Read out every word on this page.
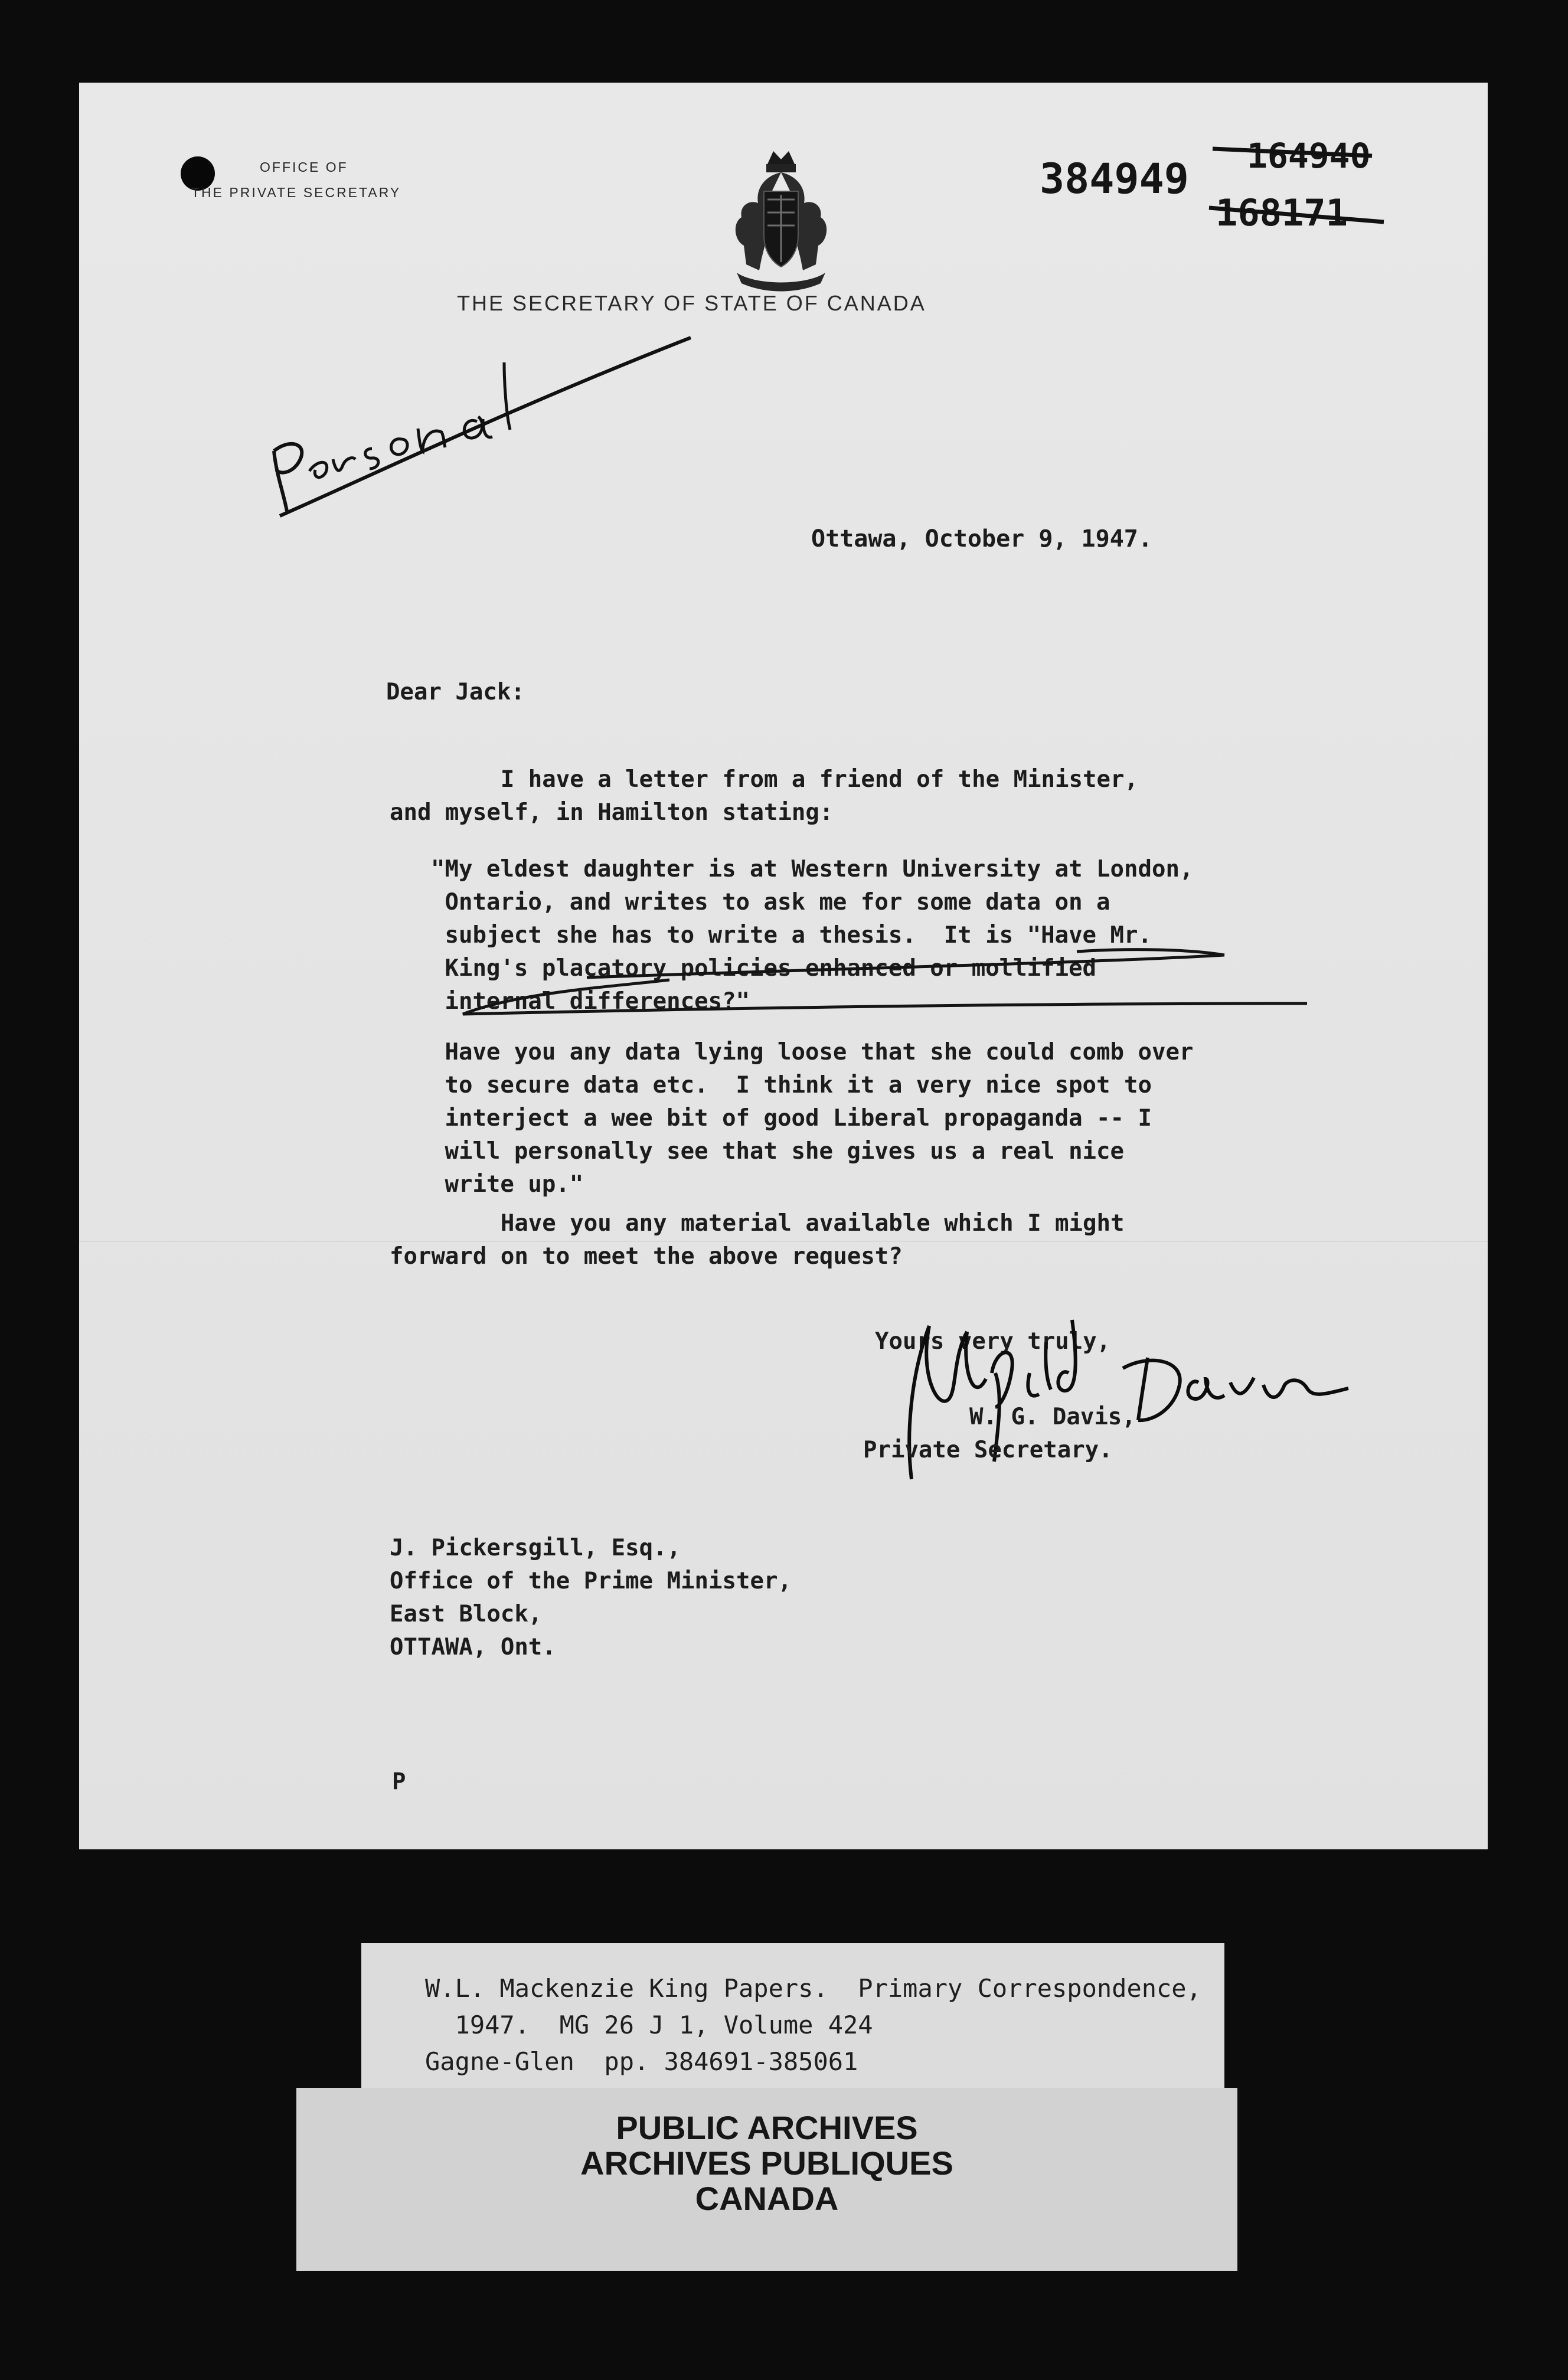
OFFICE OF
THE PRIVATE SECRETARY
THE SECRETARY OF STATE OF CANADA
384949 164940
168171

Ottawa, October 9, 1947.

Dear Jack:

I have a letter from a friend of the Minister,

and myself, in Hamilton stating:

"My eldest daughter is at Western University at London,

Ontario, and writes to ask me for some data on a

subject she has to write a thesis.  It is "Have Mr.

King's placatory policies enhanced or mollified

internal differences?"

Have you any data lying loose that she could comb over

to secure data etc.  I think it a very nice spot to

interject a wee bit of good Liberal propaganda -- I

will personally see that she gives us a real nice

write up."

Have you any material available which I might

forward on to meet the above request?

Yours very truly,

W. G. Davis,

Private Secretary.

J. Pickersgill, Esq.,

Office of the Prime Minister,

East Block,

OTTAWA, Ont.

P

W.L. Mackenzie King Papers.  Primary Correspondence,
1947.  MG 26 J 1, Volume 424
Gagne-Glen  pp. 384691-385061
PUBLIC ARCHIVES
ARCHIVES PUBLIQUES
CANADA
